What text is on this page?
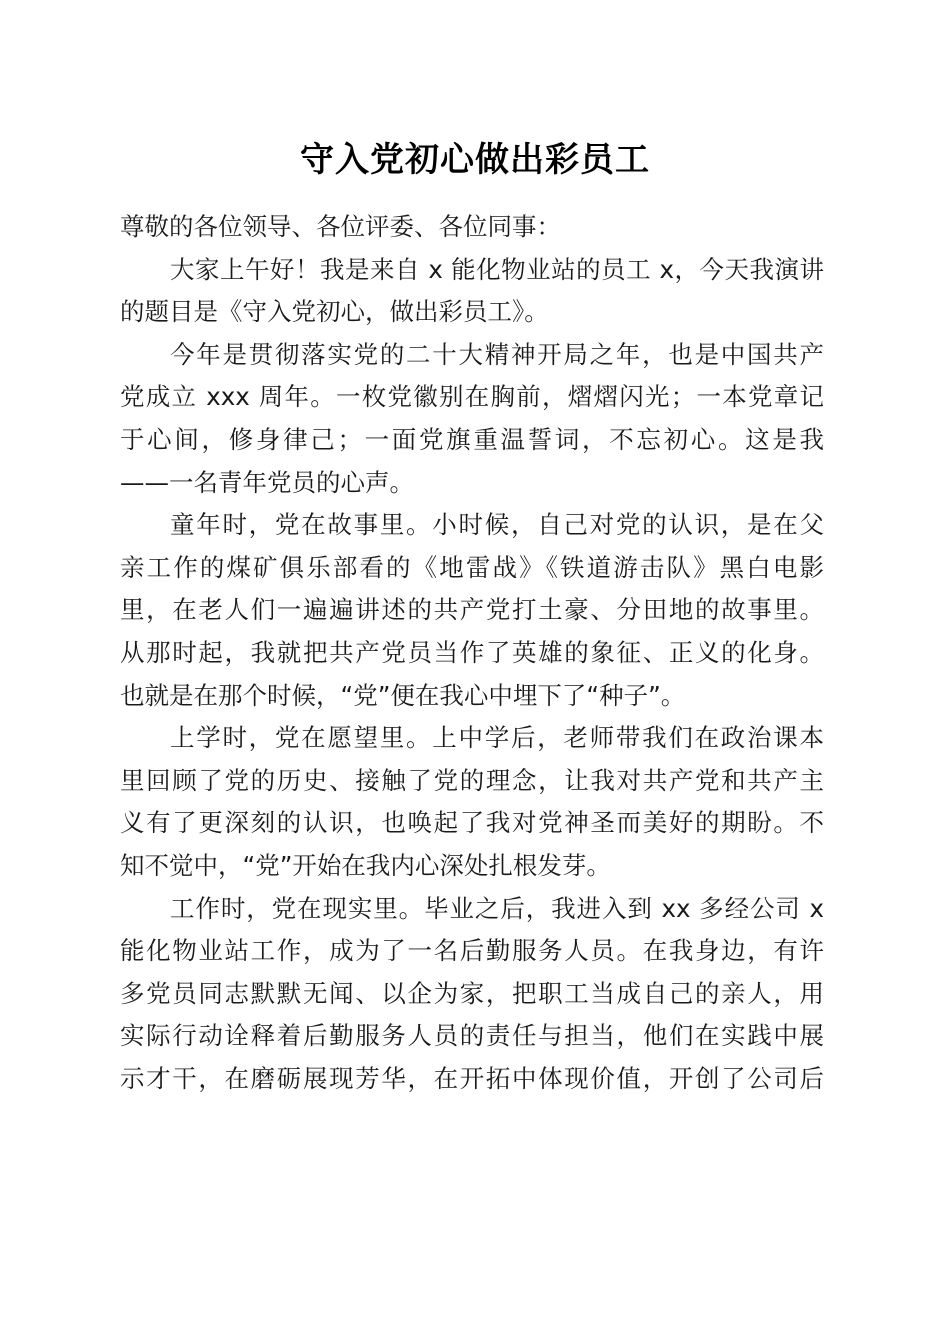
守入党初心做出彩员工
尊敬的各位领导、各位评委、各位同事：
大家上午好！我是来自 x 能化物业站的员工 x，今天我演讲
的题目是《守入党初心，做出彩员工》。
今年是贯彻落实党的二十大精神开局之年，也是中国共产
党成立 xxx 周年。一枚党徽别在胸前，熠熠闪光；一本党章记
于心间，修身律己；一面党旗重温誓词，不忘初心。这是我
——一名青年党员的心声。
童年时，党在故事里。小时候，自己对党的认识，是在父
亲工作的煤矿俱乐部看的《地雷战》《铁道游击队》黑白电影
里，在老人们一遍遍讲述的共产党打土豪、分田地的故事里。
从那时起，我就把共产党员当作了英雄的象征、正义的化身。
也就是在那个时候，“党”便在我心中埋下了“种子”。
上学时，党在愿望里。上中学后，老师带我们在政治课本
里回顾了党的历史、接触了党的理念，让我对共产党和共产主
义有了更深刻的认识，也唤起了我对党神圣而美好的期盼。不
知不觉中，“党”开始在我内心深处扎根发芽。
工作时，党在现实里。毕业之后，我进入到 xx 多经公司 x
能化物业站工作，成为了一名后勤服务人员。在我身边，有许
多党员同志默默无闻、以企为家，把职工当成自己的亲人，用
实际行动诠释着后勤服务人员的责任与担当，他们在实践中展
示才干，在磨砺展现芳华，在开拓中体现价值，开创了公司后
